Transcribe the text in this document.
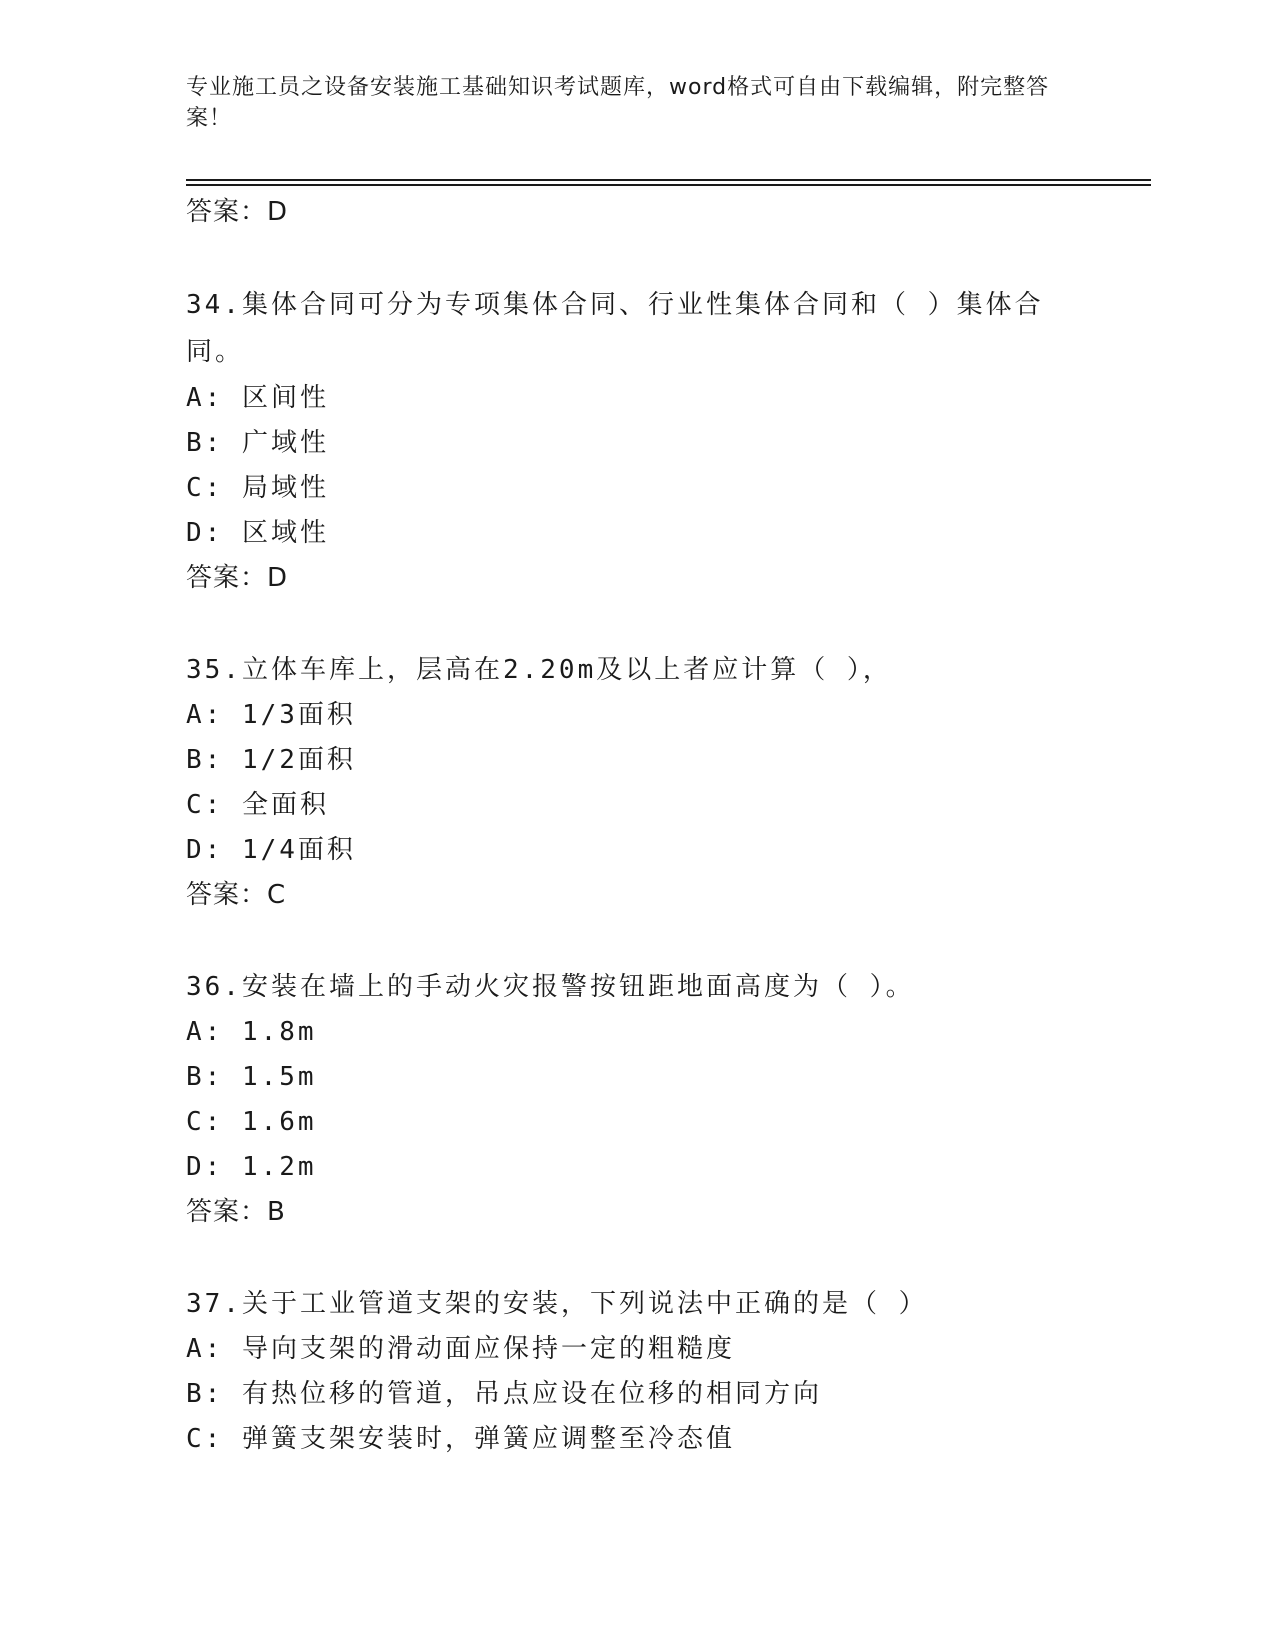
专业施工员之设备安装施工基础知识考试题库，word格式可自由下载编辑，附完整答案！

答案：D

34.集体合同可分为专项集体合同、行业性集体合同和（ ）集体合同。

A: 区间性

B: 广域性

C: 局域性

D: 区域性

答案：D

35.立体车库上，层高在2.20m及以上者应计算（ ），

A: 1/3面积

B: 1/2面积

C: 全面积

D: 1/4面积

答案：C

36.安装在墙上的手动火灾报警按钮距地面高度为（ ）。

A: 1.8m

B: 1.5m

C: 1.6m

D: 1.2m

答案：B

37.关于工业管道支架的安装，下列说法中正确的是（ ）

A: 导向支架的滑动面应保持一定的粗糙度

B: 有热位移的管道，吊点应设在位移的相同方向

C: 弹簧支架安装时，弹簧应调整至冷态值
